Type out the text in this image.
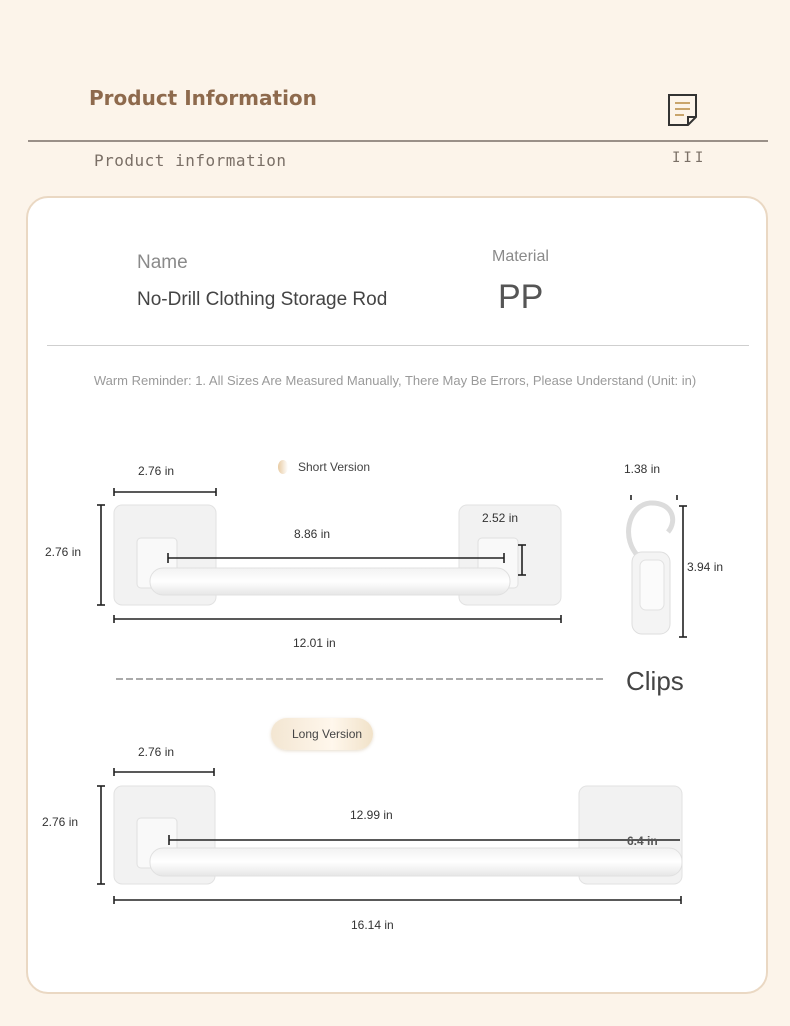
Product Information
Product information	III
Name
No-Drill Clothing Storage Rod
Material
PP
Warm Reminder: 1. All Sizes Are Measured Manually, There May Be Errors, Please Understand (Unit: in)
Short Version
2.76 in
2.76 in
8.86 in
2.52 in
12.01 in
1.38 in
3.94 in
Clips
Long Version
2.76 in
2.76 in	12.99 in
6.4 in
16.14 in
